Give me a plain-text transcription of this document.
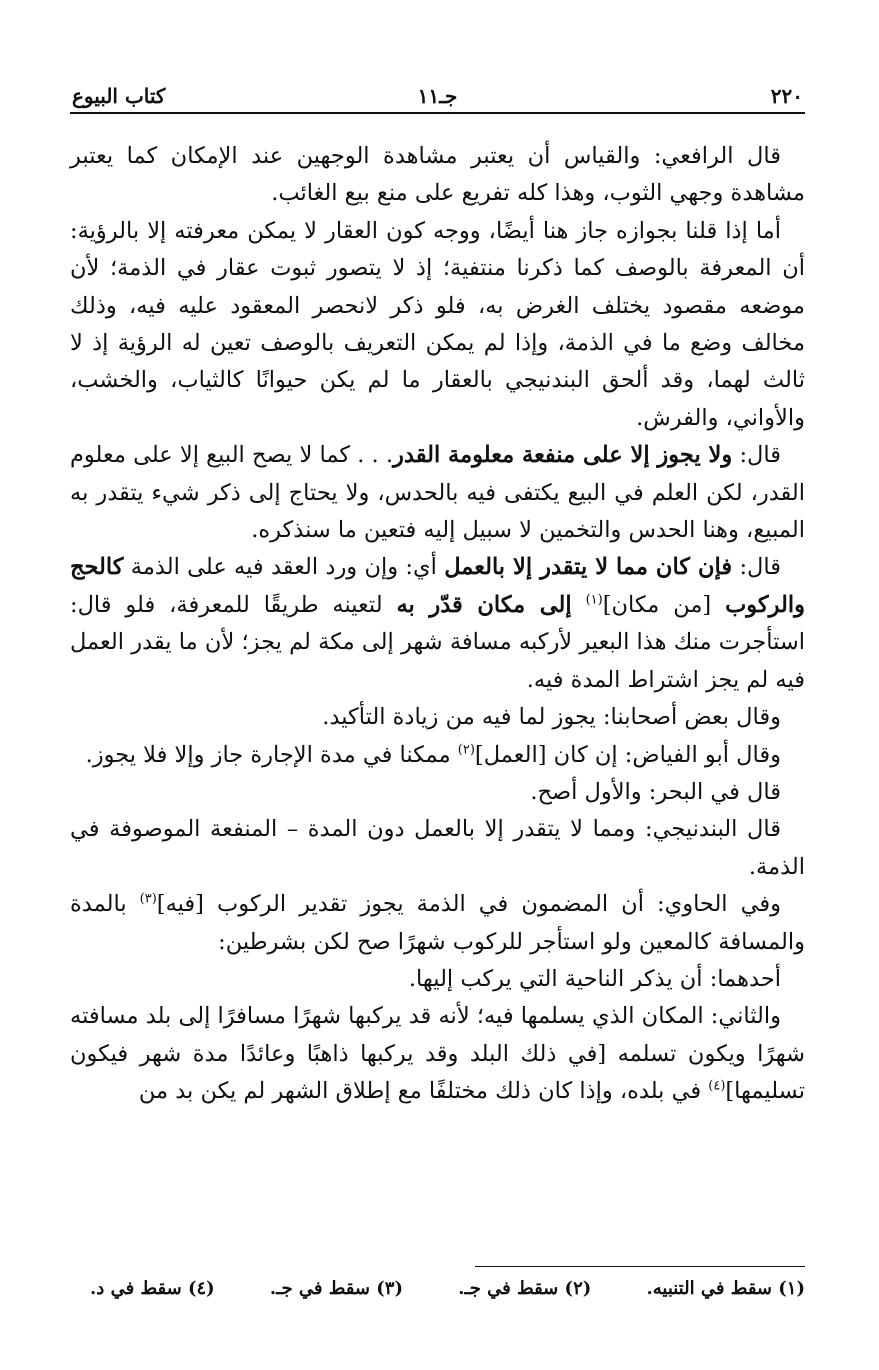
٢٢٠
جـ١١
كتاب البيوع

قال الرافعي: والقياس أن يعتبر مشاهدة الوجهين عند الإمكان كما يعتبر مشاهدة وجهي الثوب، وهذا كله تفريع على منع بيع الغائب.

أما إذا قلنا بجوازه جاز هنا أيضًا، ووجه كون العقار لا يمكن معرفته إلا بالرؤية: أن المعرفة بالوصف كما ذكرنا منتفية؛ إذ لا يتصور ثبوت عقار في الذمة؛ لأن موضعه مقصود يختلف الغرض به، فلو ذكر لانحصر المعقود عليه فيه، وذلك مخالف وضع ما في الذمة، وإذا لم يمكن التعريف بالوصف تعين له الرؤية إذ لا ثالث لهما، وقد ألحق البندنيجي بالعقار ما لم يكن حيوانًا كالثياب، والخشب، والأواني، والفرش.

قال: ولا يجوز إلا على منفعة معلومة القدر. . . كما لا يصح البيع إلا على معلوم القدر، لكن العلم في البيع يكتفى فيه بالحدس، ولا يحتاج إلى ذكر شيء يتقدر به المبيع، وهنا الحدس والتخمين لا سبيل إليه فتعين ما سنذكره.

قال: فإن كان مما لا يتقدر إلا بالعمل أي: وإن ورد العقد فيه على الذمة كالحج والركوب [من مكان]$^{(١)}$ إلى مكان قدّر به لتعينه طريقًا للمعرفة، فلو قال: استأجرت منك هذا البعير لأركبه مسافة شهر إلى مكة لم يجز؛ لأن ما يقدر العمل فيه لم يجز اشتراط المدة فيه.

وقال بعض أصحابنا: يجوز لما فيه من زيادة التأكيد.

وقال أبو الفياض: إن كان [العمل]$^{(٢)}$ ممكنا في مدة الإجارة جاز وإلا فلا يجوز.

قال في البحر: والأول أصح.

قال البندنيجي: ومما لا يتقدر إلا بالعمل دون المدة – المنفعة الموصوفة في الذمة.

وفي الحاوي: أن المضمون في الذمة يجوز تقدير الركوب [فيه]$^{(٣)}$ بالمدة والمسافة كالمعين ولو استأجر للركوب شهرًا صح لكن بشرطين:

أحدهما: أن يذكر الناحية التي يركب إليها.

والثاني: المكان الذي يسلمها فيه؛ لأنه قد يركبها شهرًا مسافرًا إلى بلد مسافته شهرًا ويكون تسلمه [في ذلك البلد وقد يركبها ذاهبًا وعائدًا مدة شهر فيكون تسليمها]$^{(٤)}$ في بلده، وإذا كان ذلك مختلفًا مع إطلاق الشهر لم يكن بد من

(١) سقط في التنبيه.
(٢) سقط في جـ.
(٣) سقط في جـ.
(٤) سقط في د.
